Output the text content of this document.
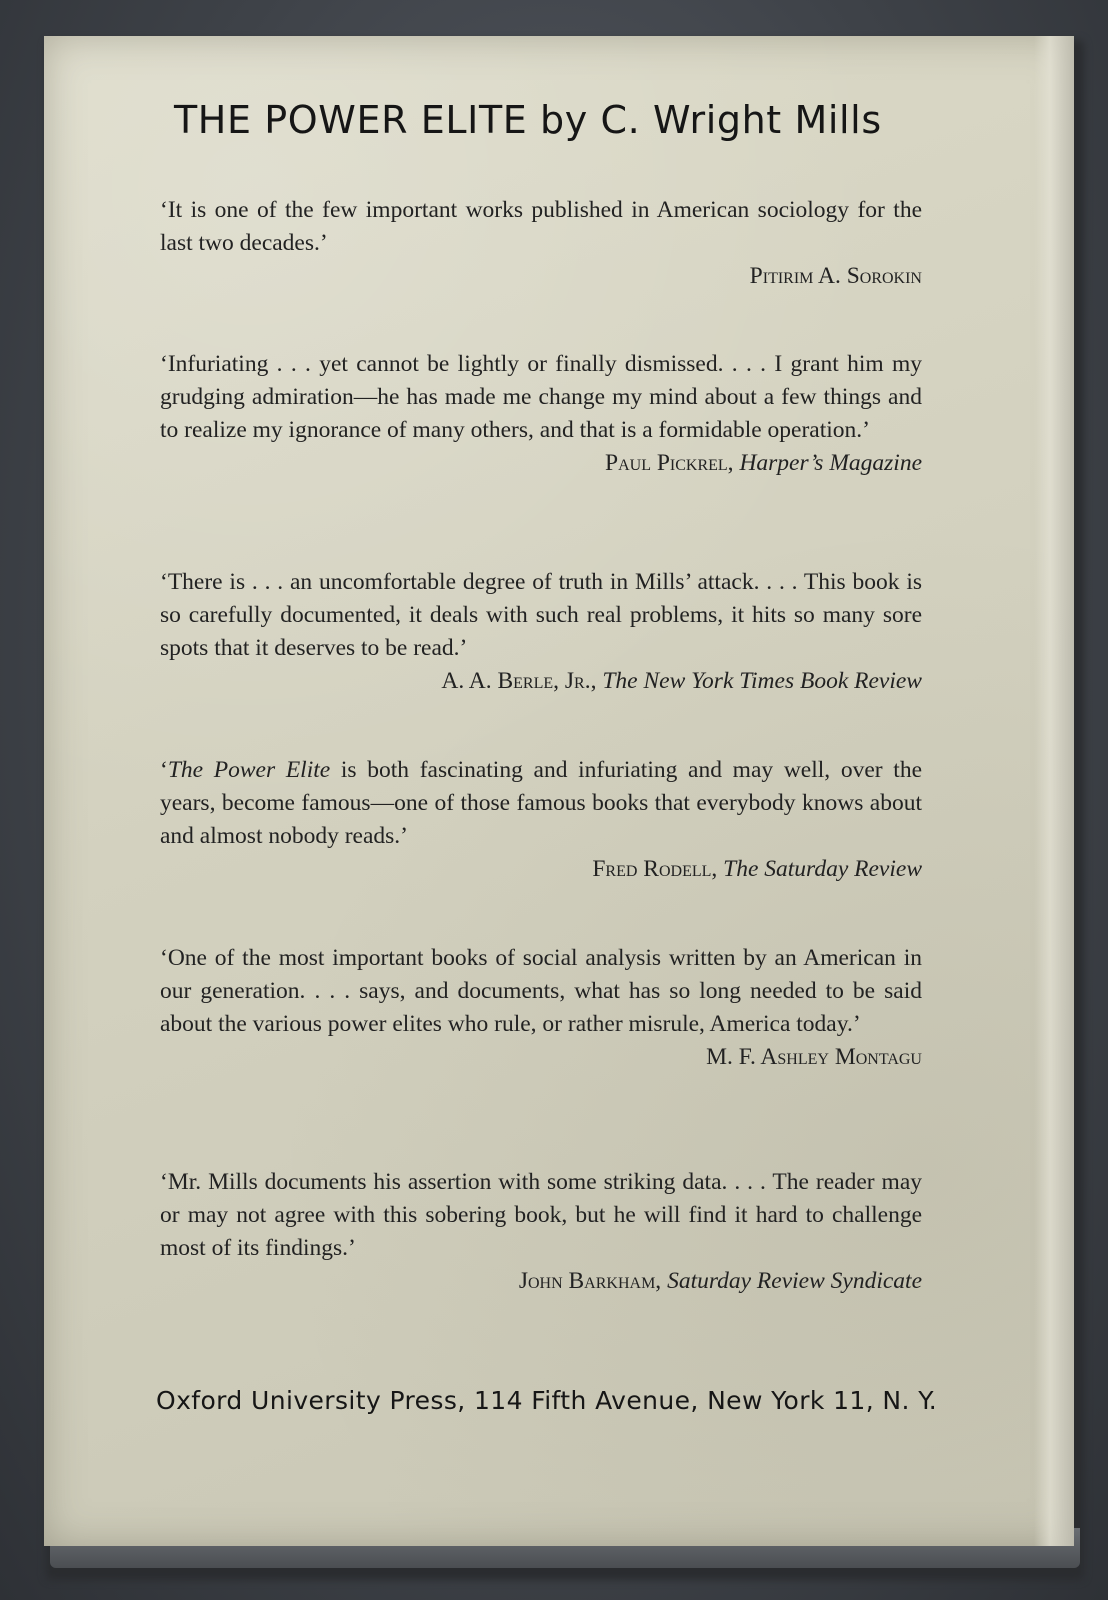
THE POWER ELITE by C. Wright Mills
‘It is one of the few important works published in American sociology for the last two decades.’
Pitirim A. Sorokin
‘Infuriating . . . yet cannot be lightly or finally dismissed. . . . I grant him my grudging admiration—he has made me change my mind about a few things and to realize my ignorance of many others, and that is a formidable operation.’
Paul Pickrel, Harper’s Magazine
‘There is . . . an uncomfortable degree of truth in Mills’ attack. . . . This book is so carefully documented, it deals with such real problems, it hits so many sore spots that it deserves to be read.’
A. A. Berle, Jr., The New York Times Book Review
‘The Power Elite is both fascinating and infuriating and may well, over the years, become famous—one of those famous books that everybody knows about and almost nobody reads.’
Fred Rodell, The Saturday Review
‘One of the most important books of social analysis written by an American in our generation. . . . says, and documents, what has so long needed to be said about the various power elites who rule, or rather misrule, America today.’
M. F. Ashley Montagu
‘Mr. Mills documents his assertion with some striking data. . . . The reader may or may not agree with this sobering book, but he will find it hard to challenge most of its findings.’
John Barkham, Saturday Review Syndicate
Oxford University Press, 114 Fifth Avenue, New York 11, N. Y.
